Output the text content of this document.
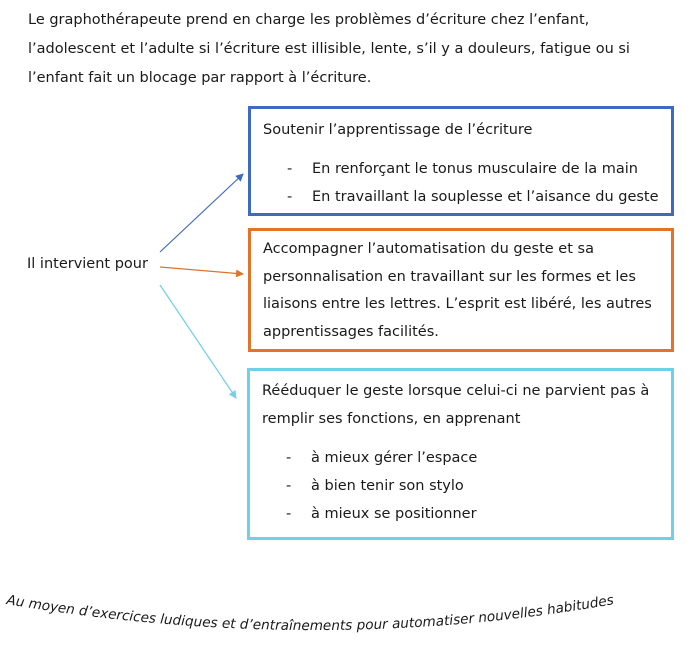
Le graphothérapeute prend en charge les problèmes d’écriture chez l’enfant, l’adolescent et l’adulte si l’écriture est illisible, lente, s’il y a douleurs, fatigue ou si l’enfant fait un blocage par rapport à l’écriture.
Il intervient pour
Soutenir l’apprentissage de l’écriture
- En renforçant le tonus musculaire de la main
- En travaillant la souplesse et l’aisance du geste
Accompagner l’automatisation du geste et sa personnalisation en travaillant sur les formes et les liaisons entre les lettres. L’esprit est libéré, les autres apprentissages facilités.
Rééduquer le geste lorsque celui-ci ne parvient pas à remplir ses fonctions, en apprenant
- à mieux gérer l’espace
- à bien tenir son stylo
- à mieux se positionner
Au moyen d’exercices ludiques et d’entraînements pour automatiser nouvelles habitudes
